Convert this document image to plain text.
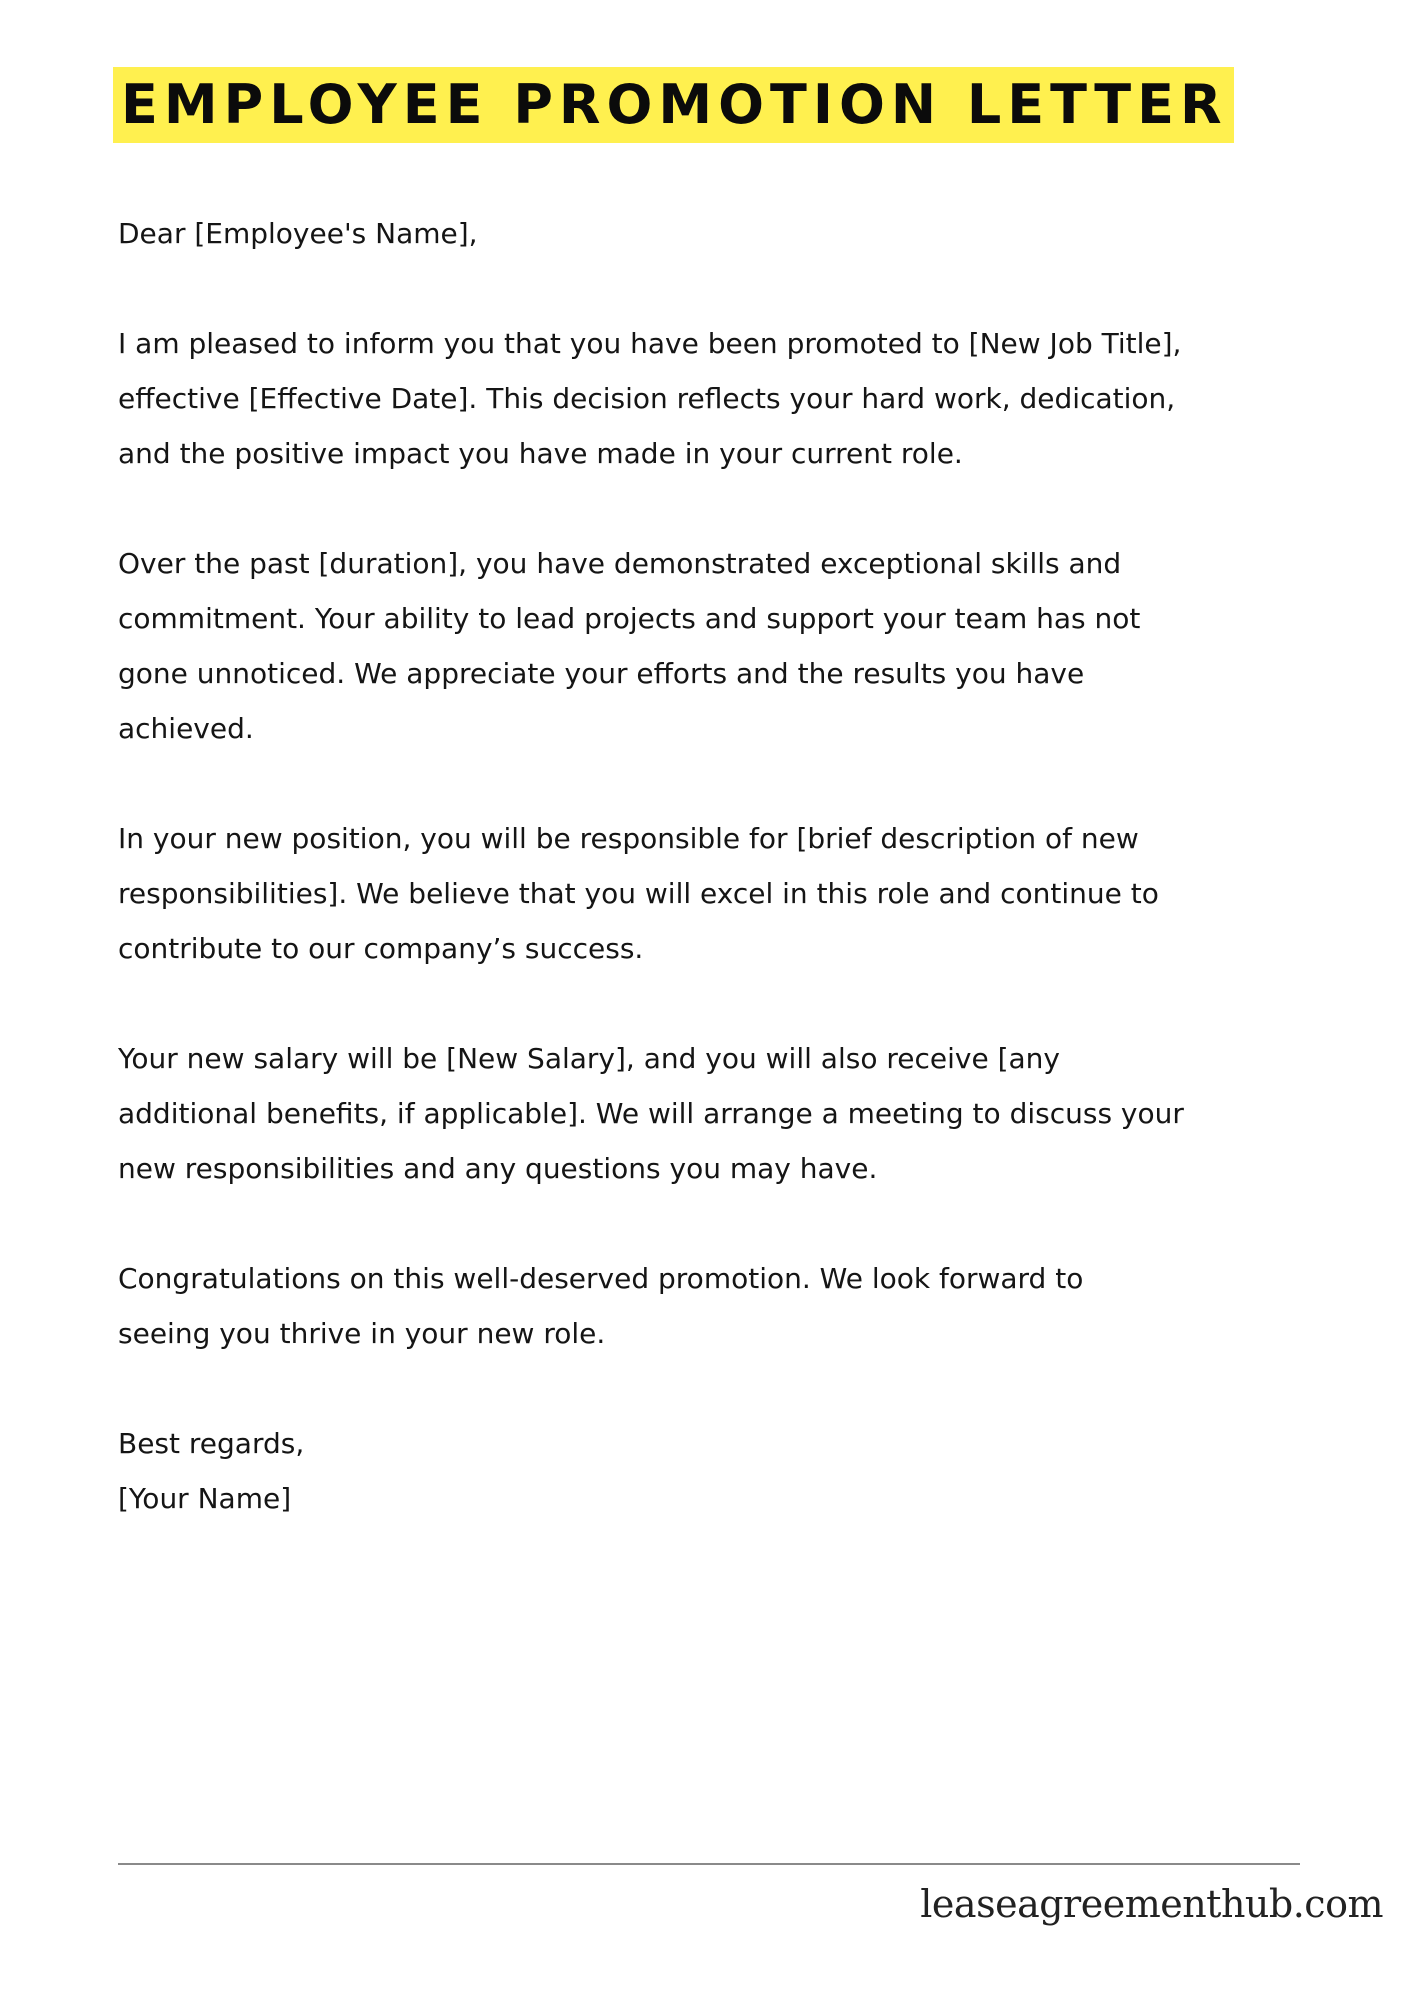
EMPLOYEE PROMOTION LETTER

Dear [Employee's Name],

I am pleased to inform you that you have been promoted to [New Job Title],
effective [Effective Date]. This decision reflects your hard work, dedication,
and the positive impact you have made in your current role.

Over the past [duration], you have demonstrated exceptional skills and
commitment. Your ability to lead projects and support your team has not
gone unnoticed. We appreciate your efforts and the results you have
achieved.

In your new position, you will be responsible for [brief description of new
responsibilities]. We believe that you will excel in this role and continue to
contribute to our company’s success.

Your new salary will be [New Salary], and you will also receive [any
additional benefits, if applicable]. We will arrange a meeting to discuss your
new responsibilities and any questions you may have.

Congratulations on this well-deserved promotion. We look forward to
seeing you thrive in your new role.

Best regards,
[Your Name]

leaseagreementhub.com
